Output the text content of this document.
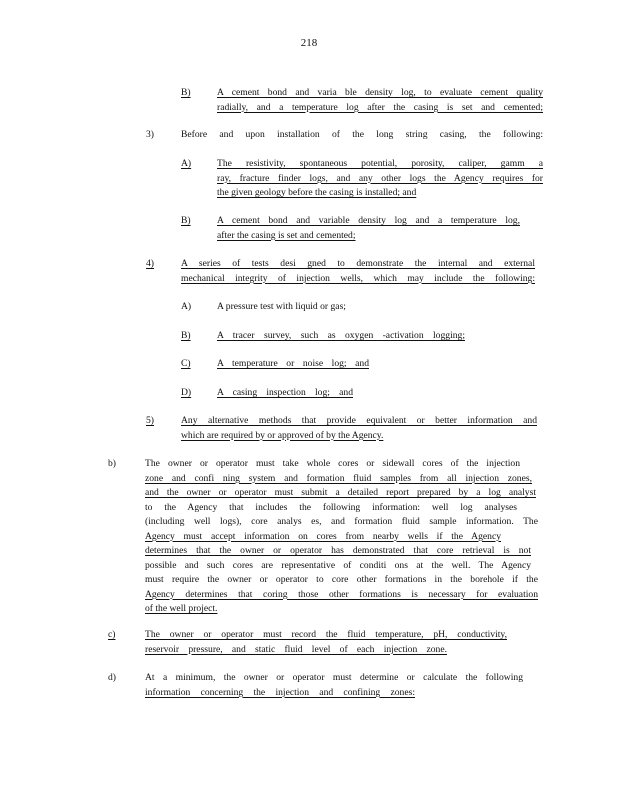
218
B)	A cement bond and varia ble density log, to evaluate cement quality

radially, and a temperature log after the casing is set and cemented;

3)	Before and upon installation of the long string casing, the following:

A)	The resistivity, spontaneous potential, porosity, caliper, gamm a

ray, fracture finder logs, and any other logs the Agency requires for

the given geology before the casing is installed; and

B)	A cement bond and variable density log and a temperature log,

after the casing is set and cemented;

4)	A series of tests desi gned to demonstrate the internal and external

mechanical integrity of injection wells, which may include the following:

A)	A pressure test with liquid or gas;

B)	A tracer survey, such as oxygen -activation logging;

C)	A temperature or noise log; and

D)	A casing inspection log; and

5)	Any alternative methods that provide equivalent or better information and

which are required by or approved of by the Agency.

b)	The owner or operator must take whole cores or sidewall cores of the injection

zone and confi ning system and formation fluid samples from all injection zones,

and the owner or operator must submit a detailed report prepared by a log analyst

to the Agency that includes the following information: well log analyses

(including well logs), core analys es, and formation fluid sample information. The

Agency must accept information on cores from nearby wells if the Agency

determines that the owner or operator has demonstrated that core retrieval is not

possible and such cores are representative of conditi ons at the well. The Agency

must require the owner or operator to core other formations in the borehole if the

Agency determines that coring those other formations is necessary for evaluation

of the well project.

c)	The owner or operator must record the fluid temperature, pH, conductivity,

reservoir pressure, and static fluid level of each injection zone.

d)	At a minimum, the owner or operator must determine or calculate the following

information concerning the injection and confining zones:
